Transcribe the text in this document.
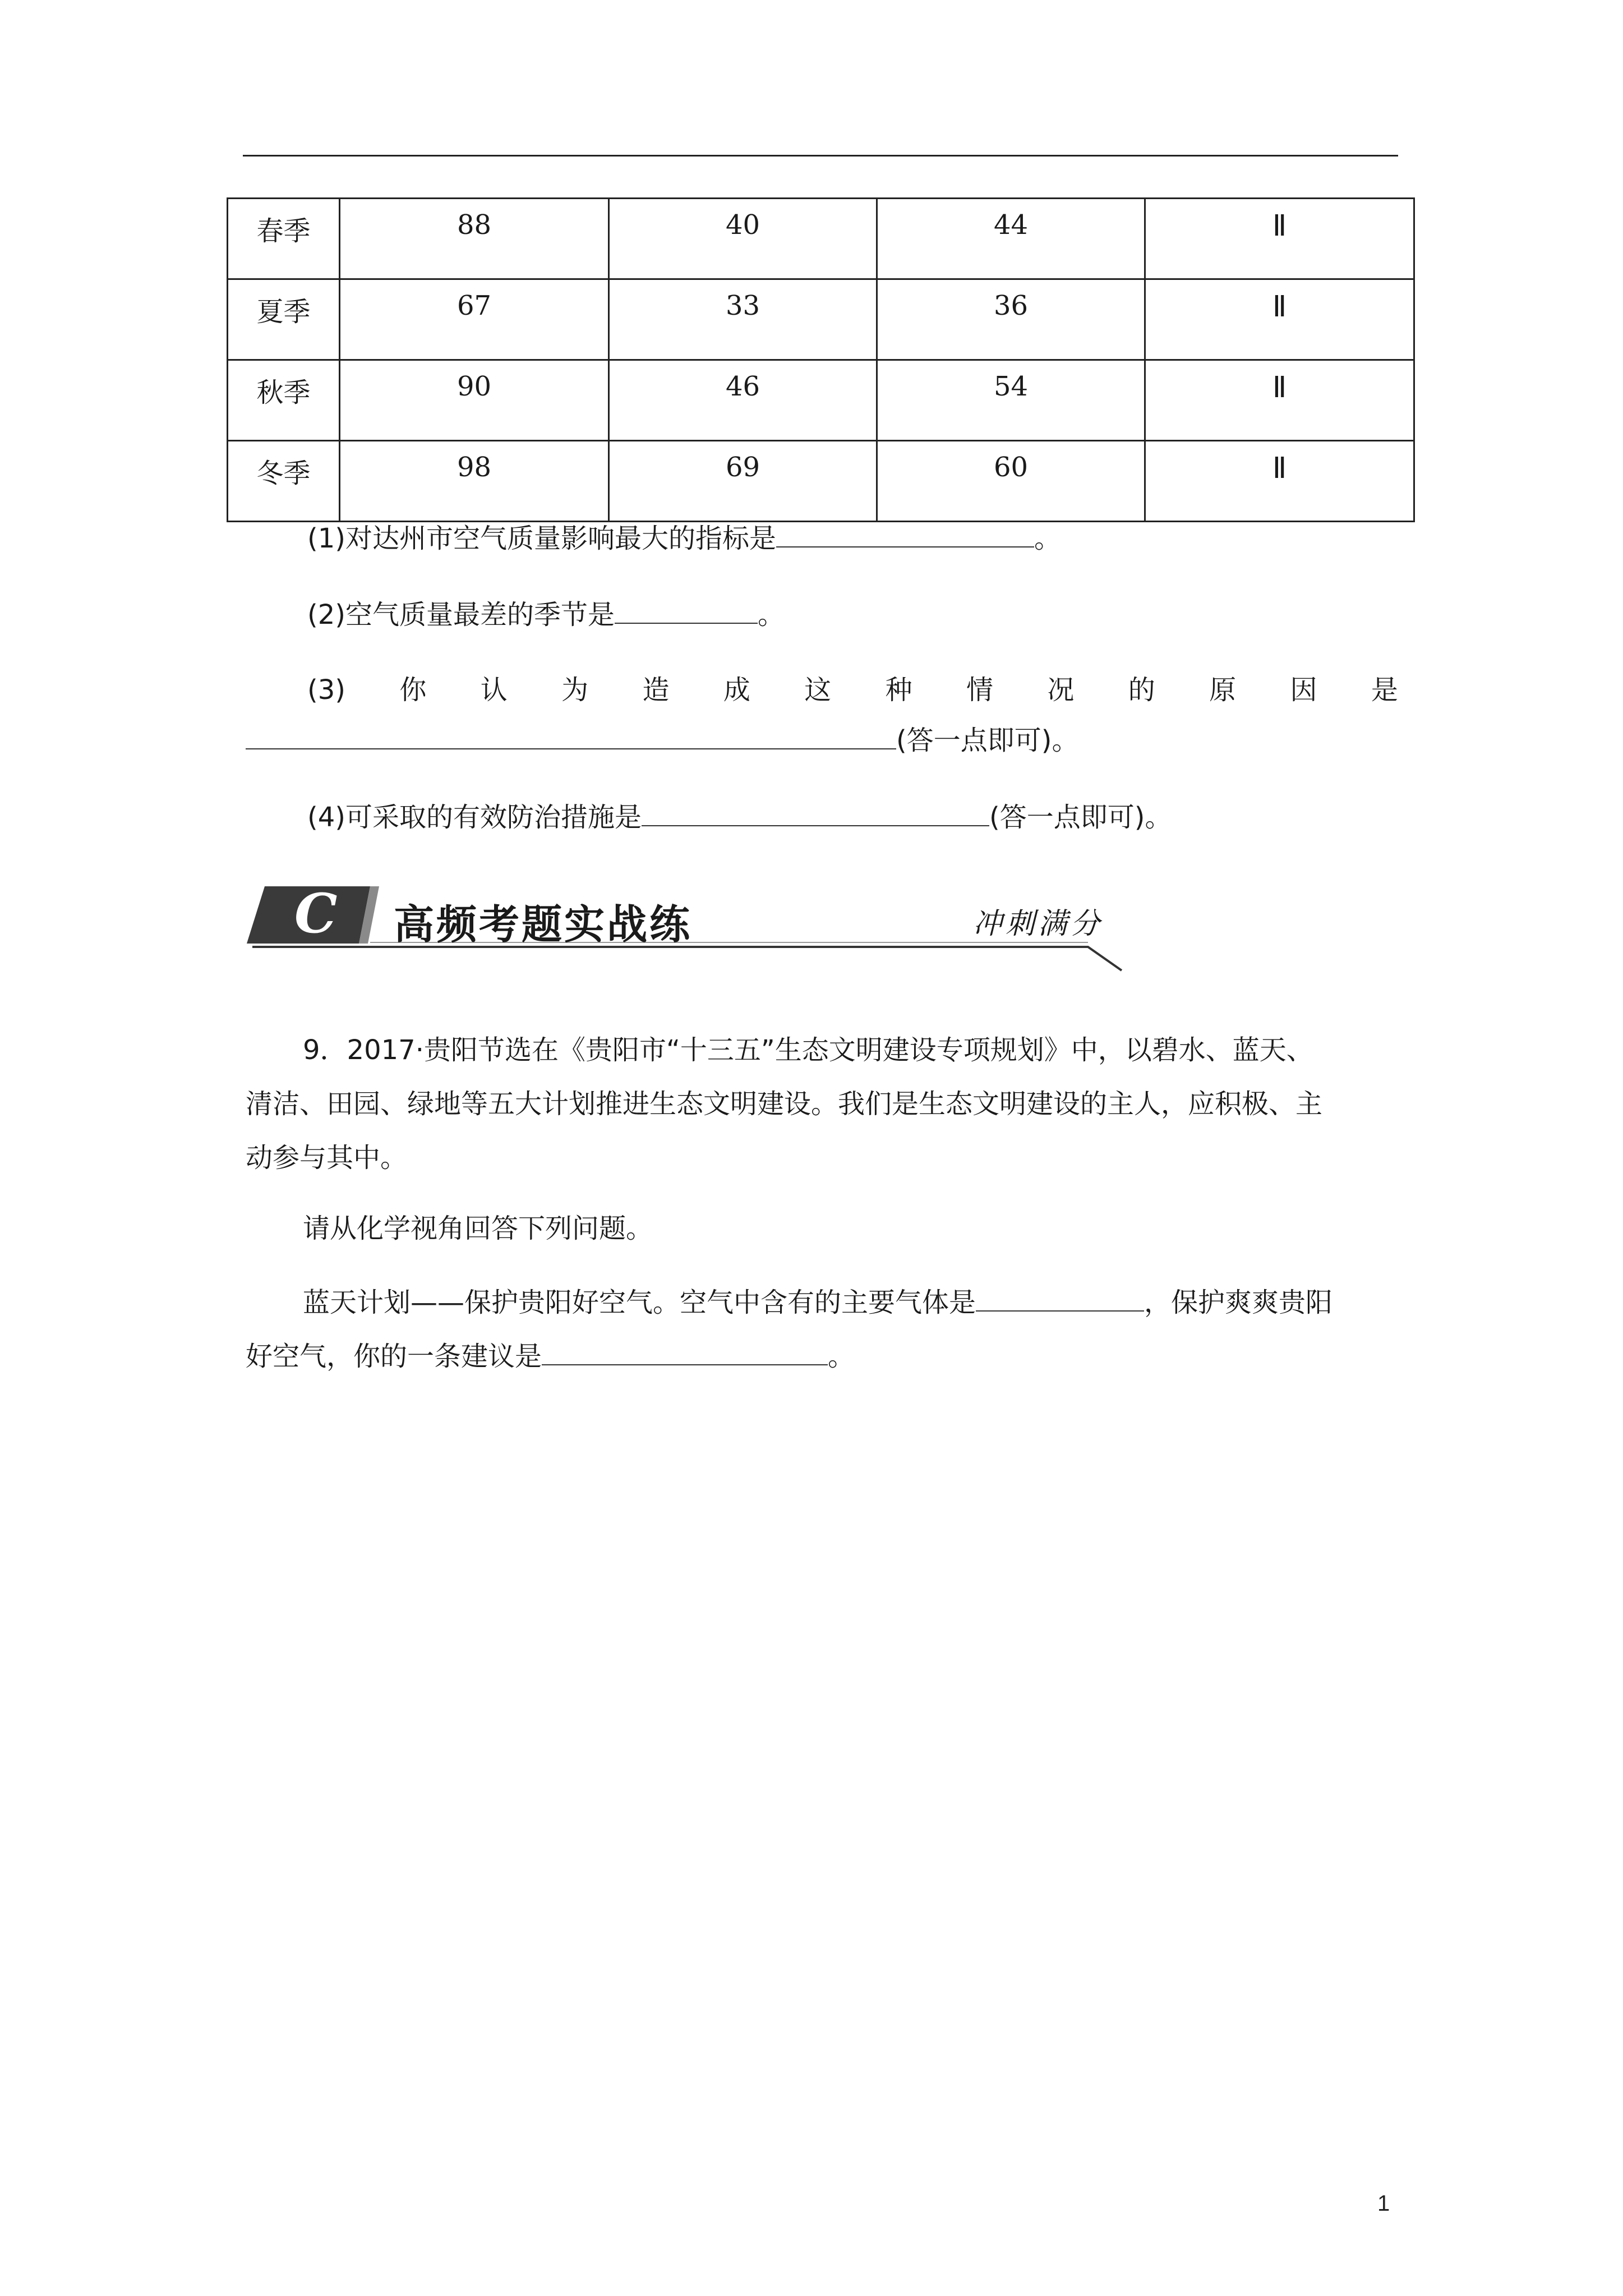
春季	88	40	44	Ⅱ
夏季	67	33	36	Ⅱ
秋季	90	46	54	Ⅱ
冬季	98	69	60	Ⅱ
(1)对达州市空气质量影响最大的指标是	。
(2)空气质量最差的季节是	。
(3) 你 认 为 造 成 这 种 情 况 的 原 因 是
(答一点即可)。
(4)可采取的有效防治措施是	(答一点即可)。
C 高频考题实战练	冲刺满分
9．2017·贵阳节选在《贵阳市“十三五”生态文明建设专项规划》中，以碧水、蓝天、
清洁、田园、绿地等五大计划推进生态文明建设。我们是生态文明建设的主人，应积极、主
动参与其中。
请从化学视角回答下列问题。
蓝天计划——保护贵阳好空气。空气中含有的主要气体是	，保护爽爽贵阳
好空气，你的一条建议是	。
1
